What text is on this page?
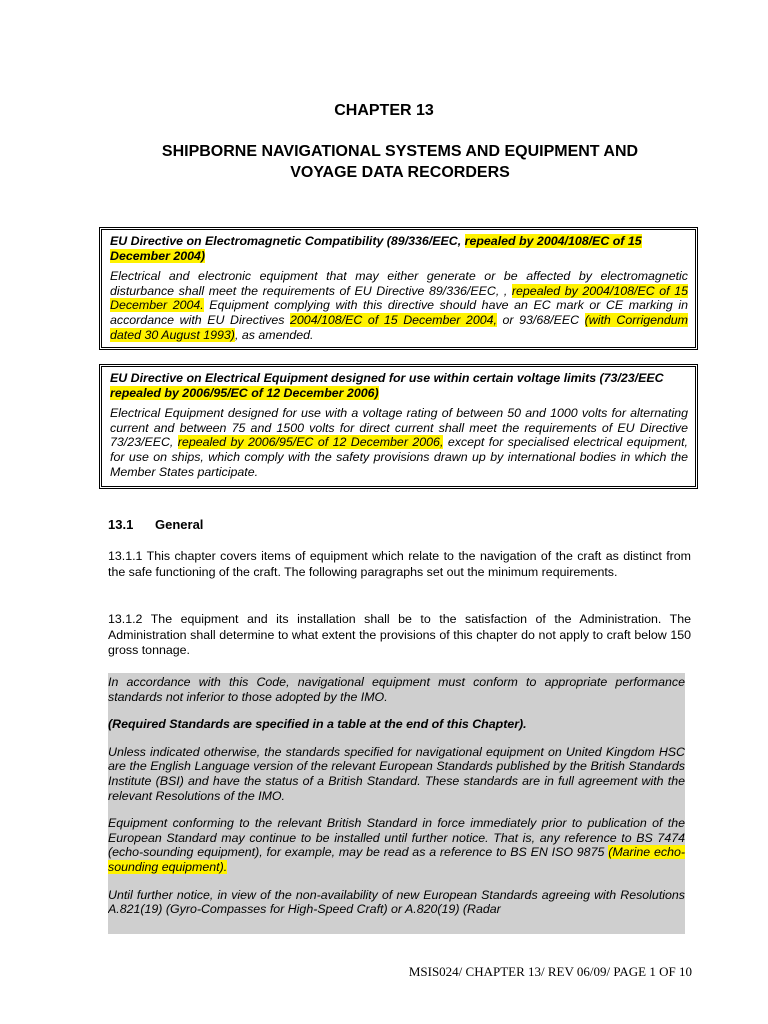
CHAPTER 13
SHIPBORNE NAVIGATIONAL SYSTEMS AND EQUIPMENT AND
VOYAGE DATA RECORDERS
EU Directive on Electromagnetic Compatibility (89/336/EEC, repealed by 2004/108/EC of 15 December 2004)
Electrical and electronic equipment that may either generate or be affected by electromagnetic disturbance shall meet the requirements of EU Directive 89/336/EEC, , repealed by 2004/108/EC of 15 December 2004. Equipment complying with this directive should have an EC mark or CE marking in accordance with EU Directives 2004/108/EC of 15 December 2004, or 93/68/EEC (with Corrigendum dated 30 August 1993), as amended.
EU Directive on Electrical Equipment designed for use within certain voltage limits (73/23/EEC repealed by 2006/95/EC of 12 December 2006)
Electrical Equipment designed for use with a voltage rating of between 50 and 1000 volts for alternating current and between 75 and 1500 volts for direct current shall meet the requirements of EU Directive 73/23/EEC, repealed by 2006/95/EC of 12 December 2006, except for specialised electrical equipment, for use on ships, which comply with the safety provisions drawn up by international bodies in which the Member States participate.
13.1 General
13.1.1 This chapter covers items of equipment which relate to the navigation of the craft as distinct from the safe functioning of the craft. The following paragraphs set out the minimum requirements.
13.1.2 The equipment and its installation shall be to the satisfaction of the Administration. The Administration shall determine to what extent the provisions of this chapter do not apply to craft below 150 gross tonnage.

In accordance with this Code, navigational equipment must conform to appropriate performance standards not inferior to those adopted by the IMO.

(Required Standards are specified in a table at the end of this Chapter).

Unless indicated otherwise, the standards specified for navigational equipment on United Kingdom HSC are the English Language version of the relevant European Standards published by the British Standards Institute (BSI) and have the status of a British Standard. These standards are in full agreement with the relevant Resolutions of the IMO.

Equipment conforming to the relevant British Standard in force immediately prior to publication of the European Standard may continue to be installed until further notice. That is, any reference to BS 7474 (echo-sounding equipment), for example, may be read as a reference to BS EN ISO 9875 (Marine echo-sounding equipment).

Until further notice, in view of the non-availability of new European Standards agreeing with Resolutions A.821(19) (Gyro-Compasses for High-Speed Craft) or A.820(19) (Radar

MSIS024/ CHAPTER 13/ REV 06/09/ PAGE 1 OF 10
